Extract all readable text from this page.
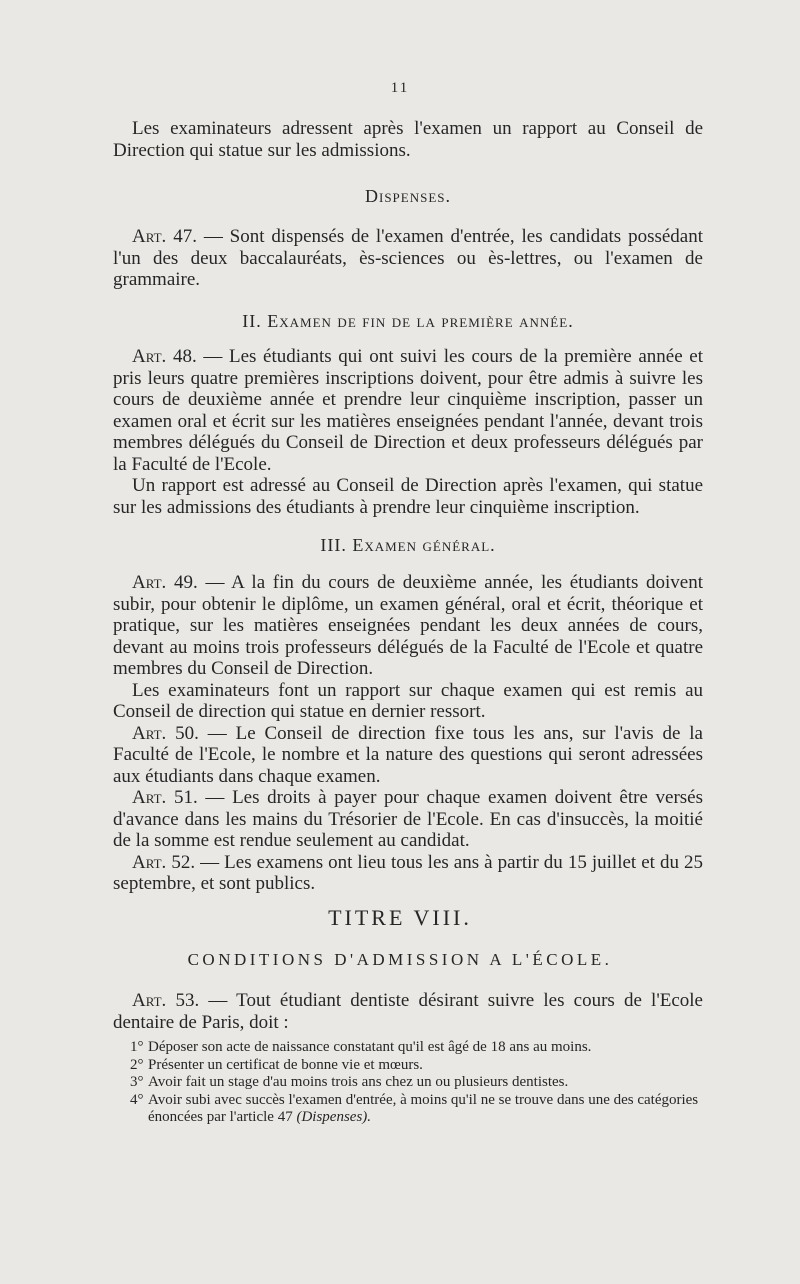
11

Les examinateurs adressent après l'examen un rapport au Conseil de Direction qui statue sur les admissions.

Dispenses.

Art. 47. — Sont dispensés de l'examen d'entrée, les candidats possédant l'un des deux baccalauréats, ès-sciences ou ès-lettres, ou l'examen de grammaire.

II. Examen de fin de la première année.

Art. 48. — Les étudiants qui ont suivi les cours de la première année et pris leurs quatre premières inscriptions doivent, pour être admis à suivre les cours de deuxième année et prendre leur cinquième inscription, passer un examen oral et écrit sur les matières enseignées pendant l'année, devant trois membres délégués du Conseil de Direction et deux professeurs délégués par la Faculté de l'Ecole.

Un rapport est adressé au Conseil de Direction après l'examen, qui statue sur les admissions des étudiants à prendre leur cinquième inscription.

III. Examen général.

Art. 49. — A la fin du cours de deuxième année, les étudiants doivent subir, pour obtenir le diplôme, un examen général, oral et écrit, théorique et pratique, sur les matières enseignées pendant les deux années de cours, devant au moins trois professeurs délégués de la Faculté de l'Ecole et quatre membres du Conseil de Direction.

Les examinateurs font un rapport sur chaque examen qui est remis au Conseil de direction qui statue en dernier ressort.

Art. 50. — Le Conseil de direction fixe tous les ans, sur l'avis de la Faculté de l'Ecole, le nombre et la nature des questions qui seront adressées aux étudiants dans chaque examen.

Art. 51. — Les droits à payer pour chaque examen doivent être versés d'avance dans les mains du Trésorier de l'Ecole. En cas d'insuccès, la moitié de la somme est rendue seulement au candidat.

Art. 52. — Les examens ont lieu tous les ans à partir du 15 juillet et du 25 septembre, et sont publics.

TITRE VIII.
CONDITIONS D'ADMISSION A L'ÉCOLE.

Art. 53. — Tout étudiant dentiste désirant suivre les cours de l'Ecole dentaire de Paris, doit :

1° Déposer son acte de naissance constatant qu'il est âgé de 18 ans au moins.
2° Présenter un certificat de bonne vie et mœurs.
3° Avoir fait un stage d'au moins trois ans chez un ou plusieurs dentistes.
4° Avoir subi avec succès l'examen d'entrée, à moins qu'il ne se trouve dans une des catégories énoncées par l'article 47 (Dispenses).
